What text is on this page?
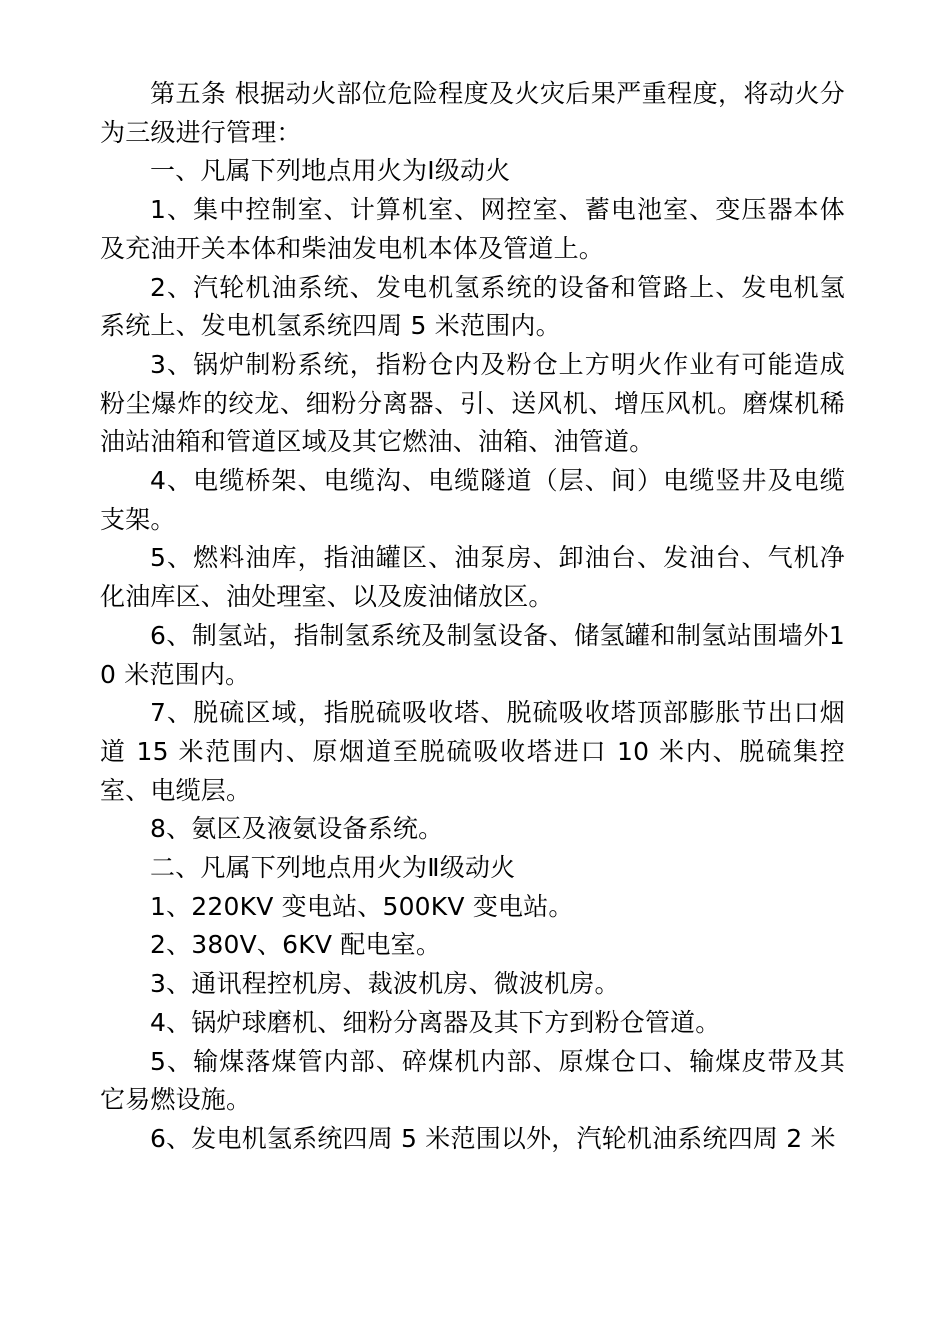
第五条 根据动火部位危险程度及火灾后果严重程度，将动火分为三级进行管理：

一、凡属下列地点用火为Ⅰ级动火

1、集中控制室、计算机室、网控室、蓄电池室、变压器本体及充油开关本体和柴油发电机本体及管道上。

2、汽轮机油系统、发电机氢系统的设备和管路上、发电机氢系统上、发电机氢系统四周 5 米范围内。

3、锅炉制粉系统，指粉仓内及粉仓上方明火作业有可能造成粉尘爆炸的绞龙、细粉分离器、引、送风机、增压风机。磨煤机稀油站油箱和管道区域及其它燃油、油箱、油管道。

4、电缆桥架、电缆沟、电缆隧道（层、间）电缆竖井及电缆支架。

5、燃料油库，指油罐区、油泵房、卸油台、发油台、气机净化油库区、油处理室、以及废油储放区。

6、制氢站，指制氢系统及制氢设备、储氢罐和制氢站围墙外10 米范围内。

7、脱硫区域，指脱硫吸收塔、脱硫吸收塔顶部膨胀节出口烟道 15 米范围内、原烟道至脱硫吸收塔进口 10 米内、脱硫集控室、电缆层。

8、氨区及液氨设备系统。

二、凡属下列地点用火为Ⅱ级动火

1、220KV 变电站、500KV 变电站。

2、380V、6KV 配电室。

3、通讯程控机房、裁波机房、微波机房。

4、锅炉球磨机、细粉分离器及其下方到粉仓管道。

5、输煤落煤管内部、碎煤机内部、原煤仓口、输煤皮带及其它易燃设施。

6、发电机氢系统四周 5 米范围以外，汽轮机油系统四周 2 米
